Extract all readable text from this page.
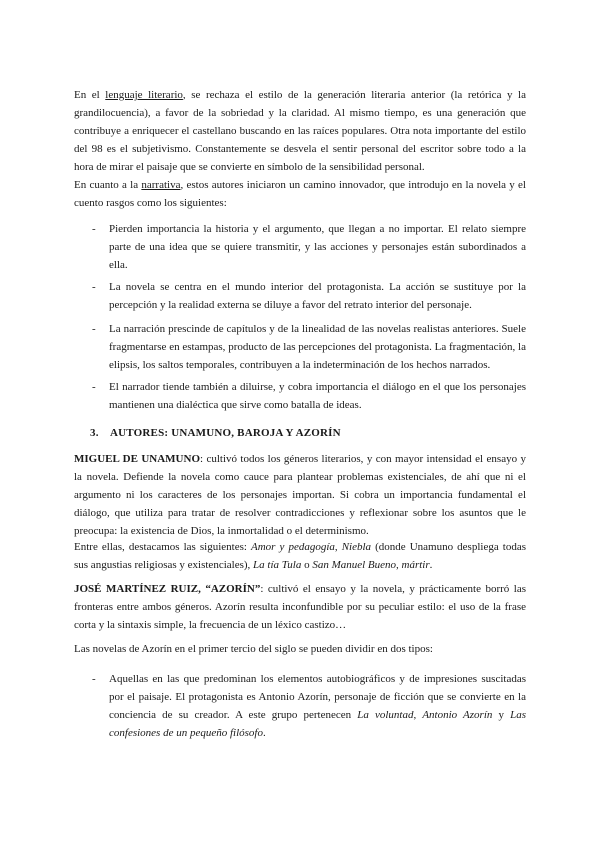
En el lenguaje literario, se rechaza el estilo de la generación literaria anterior (la retórica y la grandilocuencia), a favor de la sobriedad y la claridad. Al mismo tiempo, es una generación que contribuye a enriquecer el castellano buscando en las raíces populares. Otra nota importante del estilo del 98 es el subjetivismo. Constantemente se desvela el sentir personal del escritor sobre todo a la hora de mirar el paisaje que se convierte en símbolo de la sensibilidad personal.

En cuanto a la narrativa, estos autores iniciaron un camino innovador, que introdujo en la novela y el cuento rasgos como los siguientes:

- Pierden importancia la historia y el argumento, que llegan a no importar. El relato siempre parte de una idea que se quiere transmitir, y las acciones y personajes están subordinados a ella.
- La novela se centra en el mundo interior del protagonista. La acción se sustituye por la percepción y la realidad externa se diluye a favor del retrato interior del personaje.
- La narración prescinde de capítulos y de la linealidad de las novelas realistas anteriores. Suele fragmentarse en estampas, producto de las percepciones del protagonista. La fragmentación, la elipsis, los saltos temporales, contribuyen a la indeterminación de los hechos narrados.
- El narrador tiende también a diluirse, y cobra importancia el diálogo en el que los personajes mantienen una dialéctica que sirve como batalla de ideas.
3. AUTORES: UNAMUNO, BAROJA Y AZORÍN

MIGUEL DE UNAMUNO: cultivó todos los géneros literarios, y con mayor intensidad el ensayo y la novela. Defiende la novela como cauce para plantear problemas existenciales, de ahí que ni el argumento ni los caracteres de los personajes importan. Si cobra un importancia fundamental el diálogo, que utiliza para tratar de resolver contradicciones y reflexionar sobre los asuntos que le preocupa: la existencia de Dios, la inmortalidad o el determinismo.

Entre ellas, destacamos las siguientes: Amor y pedagogía, Niebla (donde Unamuno despliega todas sus angustias religiosas y existenciales), La tía Tula o San Manuel Bueno, mártir.

JOSÉ MARTÍNEZ RUIZ, “AZORÍN”: cultivó el ensayo y la novela, y prácticamente borró las fronteras entre ambos géneros. Azorín resulta inconfundible por su peculiar estilo: el uso de la frase corta y la sintaxis simple, la frecuencia de un léxico castizo…

Las novelas de Azorín en el primer tercio del siglo se pueden dividir en dos tipos:

- Aquellas en las que predominan los elementos autobiográficos y de impresiones suscitadas por el paisaje. El protagonista es Antonio Azorín, personaje de ficción que se convierte en la conciencia de su creador. A este grupo pertenecen La voluntad, Antonio Azorín y Las confesiones de un pequeño filósofo.
